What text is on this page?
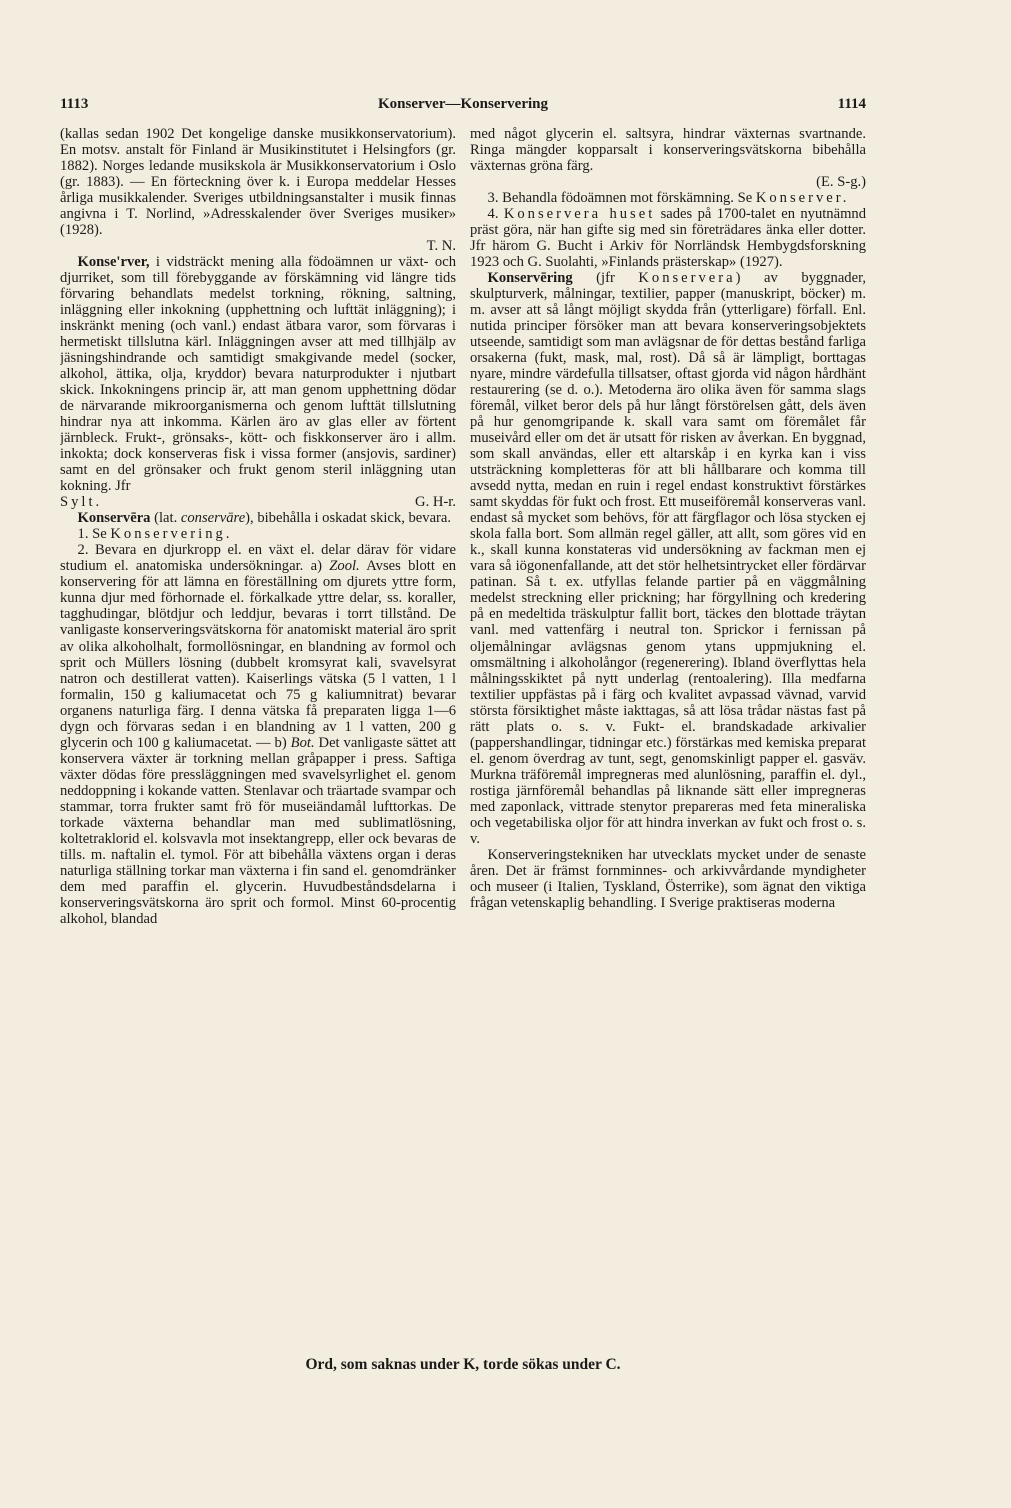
1113	Konserver—Konservering	1114

(kallas sedan 1902 Det kongelige danske musikkonservatorium). En motsv. anstalt för Finland är Musikinstitutet i Helsingfors (gr. 1882). Norges ledande musikskola är Musikkonservatorium i Oslo (gr. 1883). — En förteckning över k. i Europa meddelar Hesses årliga musikkalender. Sveriges utbildningsanstalter i musik finnas angivna i T. Norlind, »Adresskalender över Sveriges musiker» (1928).

T. N.

Konse'rver, i vidsträckt mening alla födoämnen ur växt- och djurriket, som till förebyggande av förskämning vid längre tids förvaring behandlats medelst torkning, rökning, saltning, inläggning eller inkokning (upphettning och lufttät inläggning); i inskränkt mening (och vanl.) endast ätbara varor, som förvaras i hermetiskt tillslutna kärl. Inläggningen avser att med tillhjälp av jäsningshindrande och samtidigt smakgivande medel (socker, alkohol, ättika, olja, kryddor) bevara naturprodukter i njutbart skick. Inkokningens princip är, att man genom upphettning dödar de närvarande mikroorganismerna och genom lufttät tillslutning hindrar nya att inkomma. Kärlen äro av glas eller av förtent järnbleck. Frukt-, grönsaks-, kött- och fiskkonserver äro i allm. inkokta; dock konserveras fisk i vissa former (ansjovis, sardiner) samt en del grönsaker och frukt genom steril inläggning utan kokning. Jfr

Sylt.	G. H-r.

Konservēra (lat. conservāre), bibehålla i oskadat skick, bevara.

1. Se Konservering.

2. Bevara en djurkropp el. en växt el. delar därav för vidare studium el. anatomiska undersökningar. a) Zool. Avses blott en konservering för att lämna en föreställning om djurets yttre form, kunna djur med förhornade el. förkalkade yttre delar, ss. koraller, tagghudingar, blötdjur och leddjur, bevaras i torrt tillstånd. De vanligaste konserveringsvätskorna för anatomiskt material äro sprit av olika alkoholhalt, formollösningar, en blandning av formol och sprit och Müllers lösning (dubbelt kromsyrat kali, svavelsyrat natron och destillerat vatten). Kaiserlings vätska (5 l vatten, 1 l formalin, 150 g kaliumacetat och 75 g kaliumnitrat) bevarar organens naturliga färg. I denna vätska få preparaten ligga 1—6 dygn och förvaras sedan i en blandning av 1 l vatten, 200 g glycerin och 100 g kaliumacetat. — b) Bot. Det vanligaste sättet att konservera växter är torkning mellan gråpapper i press. Saftiga växter dödas före pressläggningen med svavelsyrlighet el. genom neddoppning i kokande vatten. Stenlavar och träartade svampar och stammar, torra frukter samt frö för museiändamål lufttorkas. De torkade växterna behandlar man med sublimatlösning, koltetraklorid el. kolsvavla mot insektangrepp, eller ock bevaras de tills. m. naftalin el. tymol. För att bibehålla växtens organ i deras naturliga ställning torkar man växterna i fin sand el. genomdränker dem med paraffin el. glycerin. Huvudbeståndsdelarna i konserveringsvätskorna äro sprit och formol. Minst 60-procentig alkohol, blandad

med något glycerin el. saltsyra, hindrar växternas svartnande. Ringa mängder kopparsalt i konserveringsvätskorna bibehålla växternas gröna färg.

(E. S-g.)

3. Behandla födoämnen mot förskämning. Se Konserver.

4. Konservera huset sades på 1700-talet en nyutnämnd präst göra, när han gifte sig med sin företrädares änka eller dotter. Jfr härom G. Bucht i Arkiv för Norrländsk Hembygdsforskning 1923 och G. Suolahti, »Finlands prästerskap» (1927).

Konservēring (jfr Konservera) av byggnader, skulpturverk, målningar, textilier, papper (manuskript, böcker) m. m. avser att så långt möjligt skydda från (ytterligare) förfall. Enl. nutida principer försöker man att bevara konserveringsobjektets utseende, samtidigt som man avlägsnar de för dettas bestånd farliga orsakerna (fukt, mask, mal, rost). Då så är lämpligt, borttagas nyare, mindre värdefulla tillsatser, oftast gjorda vid någon hårdhänt restaurering (se d. o.). Metoderna äro olika även för samma slags föremål, vilket beror dels på hur långt förstörelsen gått, dels även på hur genomgripande k. skall vara samt om föremålet får museivård eller om det är utsatt för risken av åverkan. En byggnad, som skall användas, eller ett altarskåp i en kyrka kan i viss utsträckning kompletteras för att bli hållbarare och komma till avsedd nytta, medan en ruin i regel endast konstruktivt förstärkes samt skyddas för fukt och frost. Ett museiföremål konserveras vanl. endast så mycket som behövs, för att färgflagor och lösa stycken ej skola falla bort. Som allmän regel gäller, att allt, som göres vid en k., skall kunna konstateras vid undersökning av fackman men ej vara så iögonenfallande, att det stör helhetsintrycket eller fördärvar patinan. Så t. ex. utfyllas felande partier på en väggmålning medelst streckning eller prickning; har förgyllning och kredering på en medeltida träskulptur fallit bort, täckes den blottade träytan vanl. med vattenfärg i neutral ton. Sprickor i fernissan på oljemålningar avlägsnas genom ytans uppmjukning el. omsmältning i alkoholångor (regenerering). Ibland överflyttas hela målningsskiktet på nytt underlag (rentoalering). Illa medfarna textilier uppfästas på i färg och kvalitet avpassad vävnad, varvid största försiktighet måste iakttagas, så att lösa trådar nästas fast på rätt plats o. s. v. Fukt- el. brandskadade arkivalier (pappershandlingar, tidningar etc.) förstärkas med kemiska preparat el. genom överdrag av tunt, segt, genomskinligt papper el. gasväv. Murkna träföremål impregneras med alunlösning, paraffin el. dyl., rostiga järnföremål behandlas på liknande sätt eller impregneras med zaponlack, vittrade stenytor prepareras med feta mineraliska och vegetabiliska oljor för att hindra inverkan av fukt och frost o. s. v.

Konserveringstekniken har utvecklats mycket under de senaste åren. Det är främst fornminnes- och arkivvårdande myndigheter och museer (i Italien, Tyskland, Österrike), som ägnat den viktiga frågan vetenskaplig behandling. I Sverige praktiseras moderna

Ord, som saknas under K, torde sökas under C.
